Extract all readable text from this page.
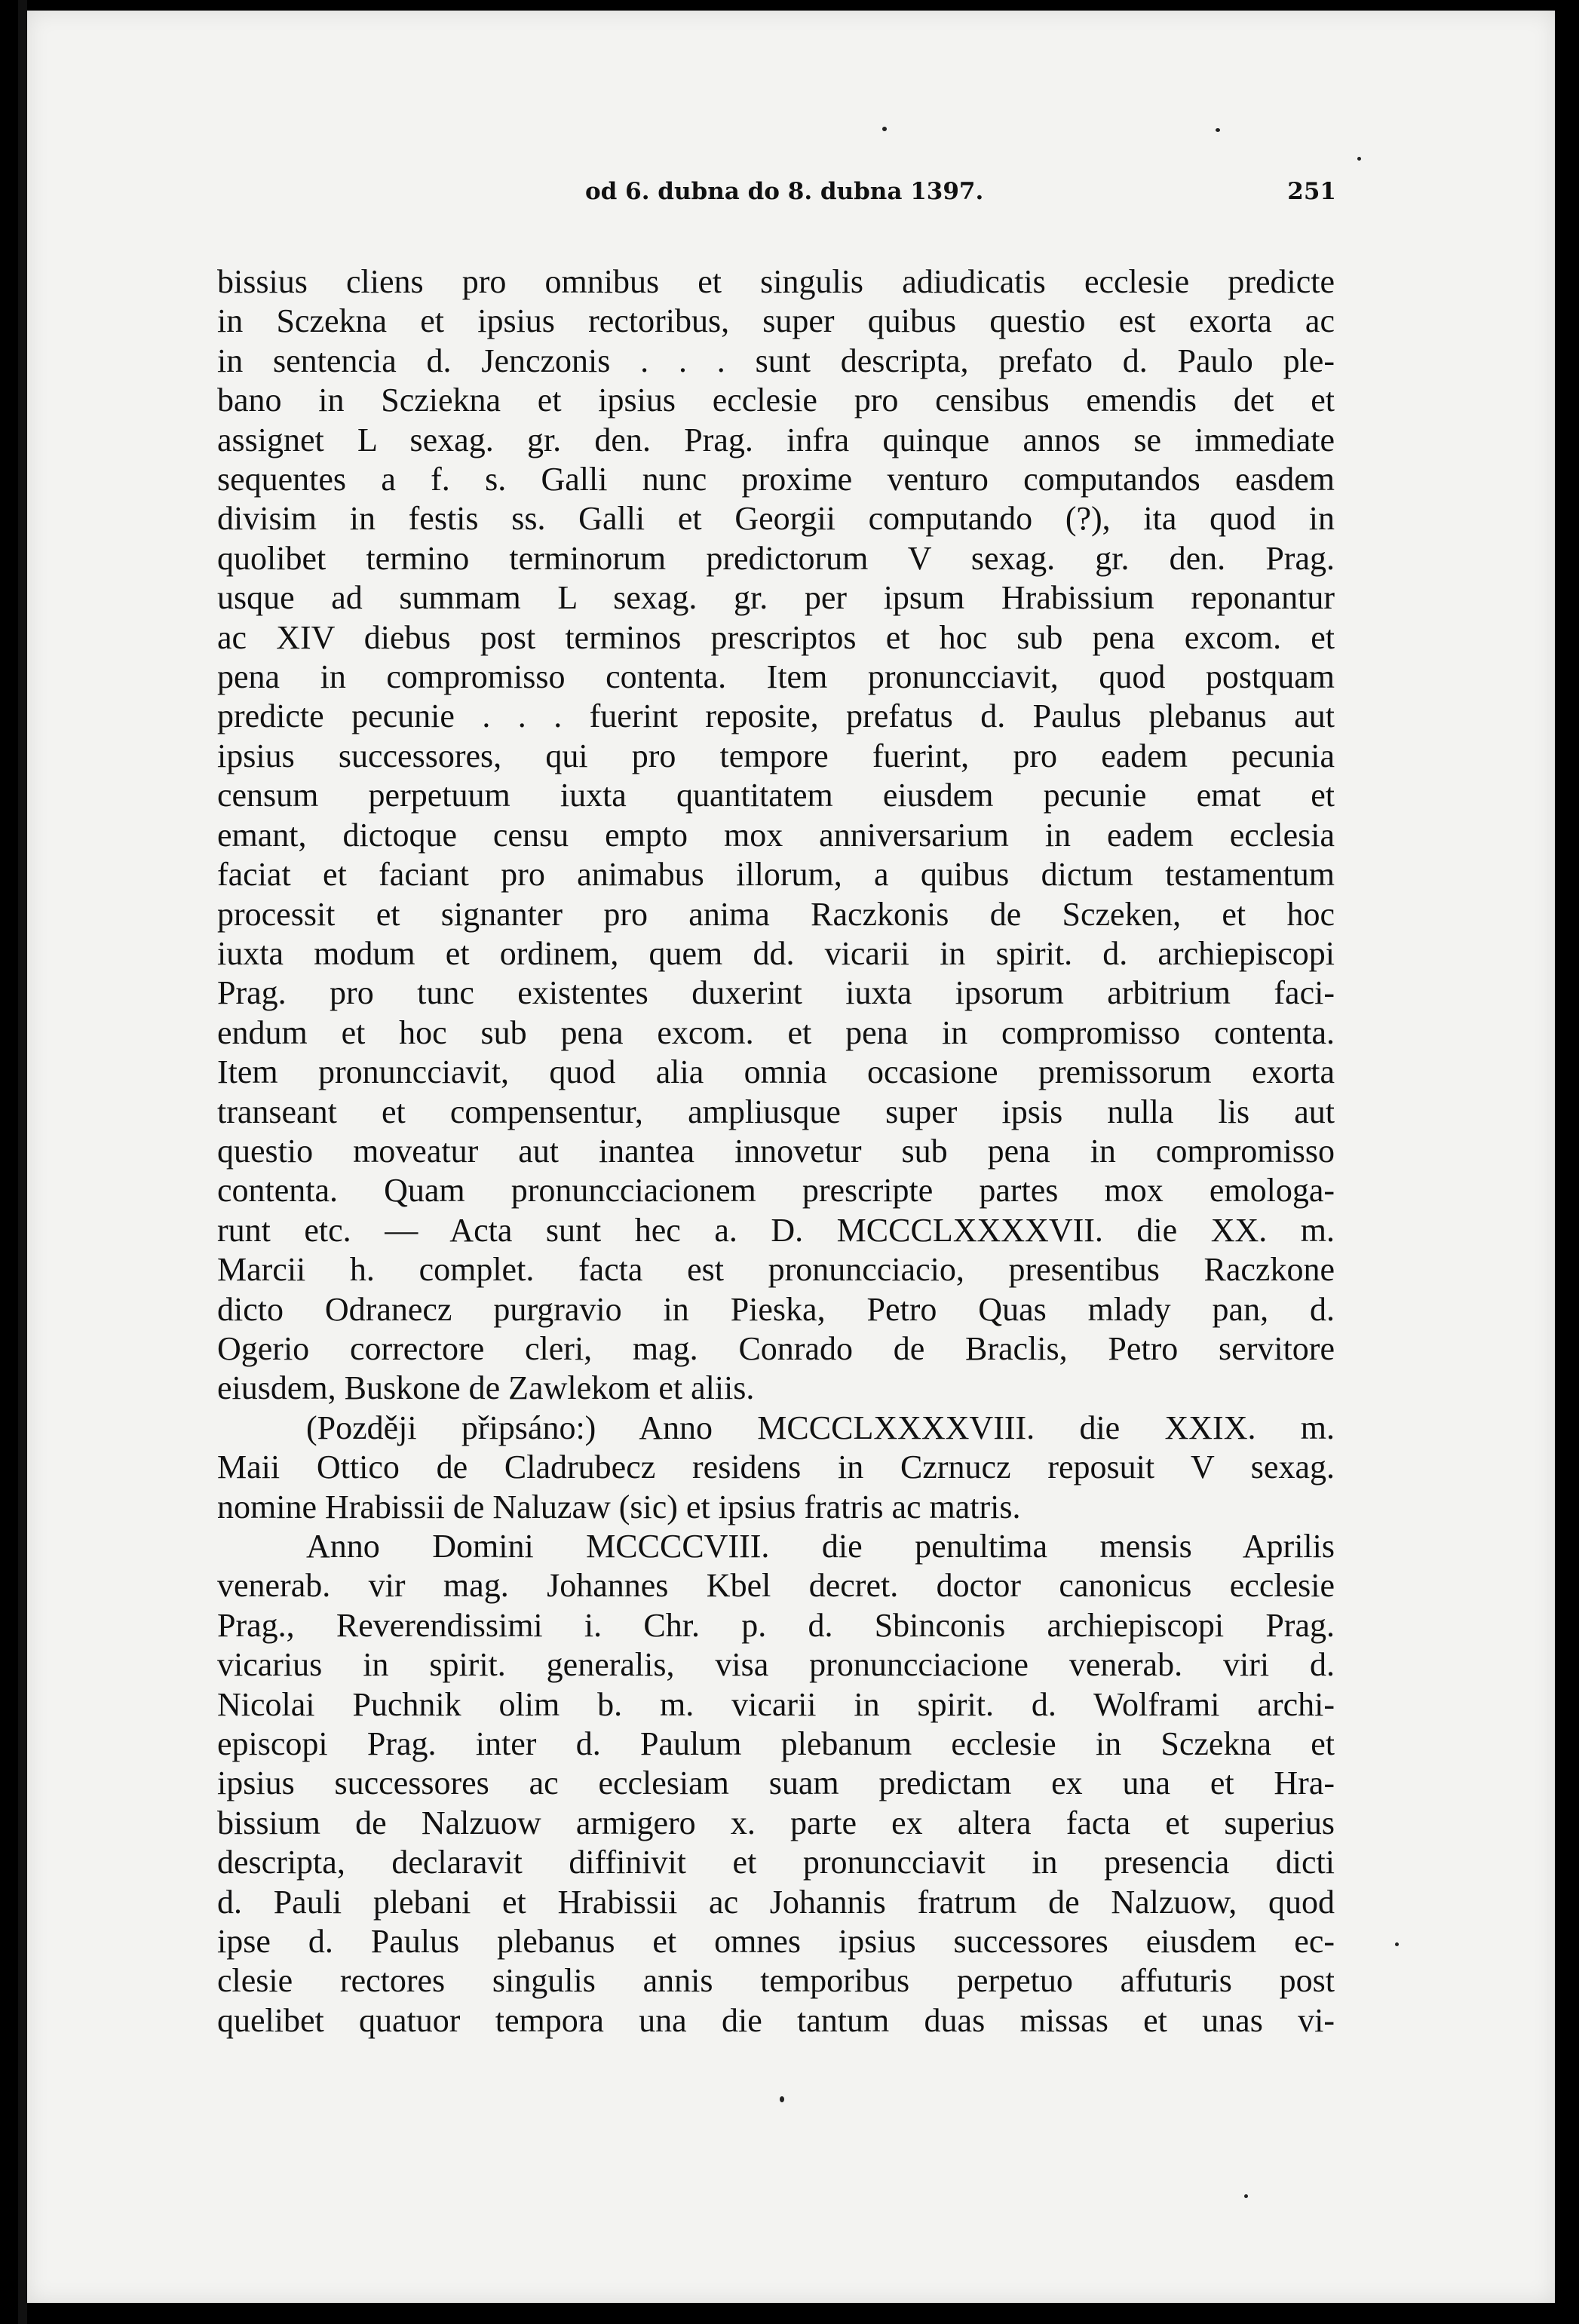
od 6. dubna do 8. dubna 1397.	251
bissius cliens pro omnibus et singulis adiudicatis ecclesie predicte
in Sczekna et ipsius rectoribus, super quibus questio est exorta ac
in sentencia d. Jenczonis . . . sunt descripta, prefato d. Paulo ple-
bano in Scziekna et ipsius ecclesie pro censibus emendis det et
assignet L sexag. gr. den. Prag. infra quinque annos se immediate
sequentes a f. s. Galli nunc proxime venturo computandos easdem
divisim in festis ss. Galli et Georgii computando (?), ita quod in
quolibet termino terminorum predictorum V sexag. gr. den. Prag.
usque ad summam L sexag. gr. per ipsum Hrabissium reponantur
ac XIV diebus post terminos prescriptos et hoc sub pena excom. et
pena in compromisso contenta. Item pronuncciavit, quod postquam
predicte pecunie . . . fuerint reposite, prefatus d. Paulus plebanus aut
ipsius successores, qui pro tempore fuerint, pro eadem pecunia
censum perpetuum iuxta quantitatem eiusdem pecunie emat et
emant, dictoque censu empto mox anniversarium in eadem ecclesia
faciat et faciant pro animabus illorum, a quibus dictum testamentum
processit et signanter pro anima Raczkonis de Sczeken, et hoc
iuxta modum et ordinem, quem dd. vicarii in spirit. d. archiepiscopi
Prag. pro tunc existentes duxerint iuxta ipsorum arbitrium faci-
endum et hoc sub pena excom. et pena in compromisso contenta.
Item pronuncciavit, quod alia omnia occasione premissorum exorta
transeant et compensentur, ampliusque super ipsis nulla lis aut
questio moveatur aut inantea innovetur sub pena in compromisso
contenta. Quam pronuncciacionem prescripte partes mox emologa-
runt etc. — Acta sunt hec a. D. MCCCLXXXXVII. die XX. m.
Marcii h. complet. facta est pronuncciacio, presentibus Raczkone
dicto Odranecz purgravio in Pieska, Petro Quas mlady pan, d.
Ogerio correctore cleri, mag. Conrado de Braclis, Petro servitore
eiusdem, Buskone de Zawlekom et aliis.
(Později připsáno:) Anno MCCCLXXXXVIII. die XXIX. m.
Maii Ottico de Cladrubecz residens in Czrnucz reposuit V sexag.
nomine Hrabissii de Naluzaw (sic) et ipsius fratris ac matris.
Anno Domini MCCCCVIII. die penultima mensis Aprilis
venerab. vir mag. Johannes Kbel decret. doctor canonicus ecclesie
Prag., Reverendissimi i. Chr. p. d. Sbinconis archiepiscopi Prag.
vicarius in spirit. generalis, visa pronuncciacione venerab. viri d.
Nicolai Puchnik olim b. m. vicarii in spirit. d. Wolframi archi-
episcopi Prag. inter d. Paulum plebanum ecclesie in Sczekna et
ipsius successores ac ecclesiam suam predictam ex una et Hra-
bissium de Nalzuow armigero x. parte ex altera facta et superius
descripta, declaravit diffinivit et pronuncciavit in presencia dicti
d. Pauli plebani et Hrabissii ac Johannis fratrum de Nalzuow, quod
ipse d. Paulus plebanus et omnes ipsius successores eiusdem ec-
clesie rectores singulis annis temporibus perpetuo affuturis post
quelibet quatuor tempora una die tantum duas missas et unas vi-
